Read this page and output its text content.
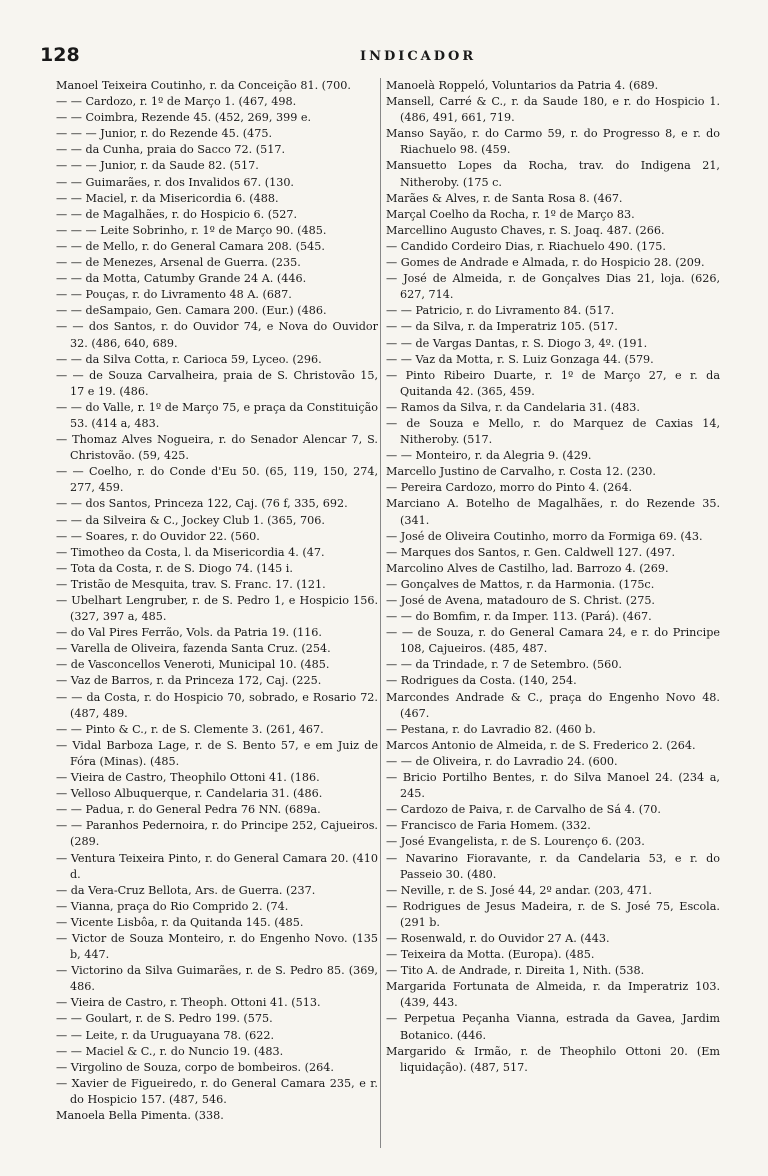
128	INDICADOR

Manoel Teixeira Coutinho, r. da Conceição 81. (700.

— — Cardozo, r. 1º de Março 1. (467, 498.

— — Coimbra, Rezende 45. (452, 269, 399 e.

— — — Junior, r. do Rezende 45. (475.

— — da Cunha, praia do Sacco 72. (517.

— — — Junior, r. da Saude 82. (517.

— — Guimarães, r. dos Invalidos 67. (130.

— — Maciel, r. da Misericordia 6. (488.

— — de Magalhães, r. do Hospicio 6. (527.

— — — Leite Sobrinho, r. 1º de Março 90. (485.

— — de Mello, r. do General Camara 208. (545.

— — de Menezes, Arsenal de Guerra. (235.

— — da Motta, Catumby Grande 24 A. (446.

— — Pouças, r. do Livramento 48 A. (687.

— — deSampaio, Gen. Camara 200. (Eur.) (486.

— — dos Santos, r. do Ouvidor 74, e Nova do Ouvidor 32. (486, 640, 689.

— — da Silva Cotta, r. Carioca 59, Lyceo. (296.

— — de Souza Carvalheira, praia de S. Christovão 15, 17 e 19. (486.

— — do Valle, r. 1º de Março 75, e praça da Constituição 53. (414 a, 483.

— Thomaz Alves Nogueira, r. do Senador Alencar 7, S. Christovão. (59, 425.

— — Coelho, r. do Conde d'Eu 50. (65, 119, 150, 274, 277, 459.

— — dos Santos, Princeza 122, Caj. (76 f, 335, 692.

— — da Silveira & C., Jockey Club 1. (365, 706.

— — Soares, r. do Ouvidor 22. (560.

— Timotheo da Costa, l. da Misericordia 4. (47.

— Tota da Costa, r. de S. Diogo 74. (145 i.

— Tristão de Mesquita, trav. S. Franc. 17. (121.

— Ubelhart Lengruber, r. de S. Pedro 1, e Hospicio 156. (327, 397 a, 485.

— do Val Pires Ferrão, Vols. da Patria 19. (116.

— Varella de Oliveira, fazenda Santa Cruz. (254.

— de Vasconcellos Veneroti, Municipal 10. (485.

— Vaz de Barros, r. da Princeza 172, Caj. (225.

— — da Costa, r. do Hospicio 70, sobrado, e Rosario 72. (487, 489.

— — Pinto & C., r. de S. Clemente 3. (261, 467.

— Vidal Barboza Lage, r. de S. Bento 57, e em Juiz de Fóra (Minas). (485.

— Vieira de Castro, Theophilo Ottoni 41. (186.

— Velloso Albuquerque, r. Candelaria 31. (486.

— — Padua, r. do General Pedra 76 NN. (689a.

— — Paranhos Pedernoira, r. do Principe 252, Cajueiros. (289.

— Ventura Teixeira Pinto, r. do General Camara 20. (410 d.

— da Vera-Cruz Bellota, Ars. de Guerra. (237.

— Vianna, praça do Rio Comprido 2. (74.

— Vicente Lisbôa, r. da Quitanda 145. (485.

— Victor de Souza Monteiro, r. do Engenho Novo. (135 b, 447.

— Victorino da Silva Guimarães, r. de S. Pedro 85. (369, 486.

— Vieira de Castro, r. Theoph. Ottoni 41. (513.

— — Goulart, r. de S. Pedro 199. (575.

— — Leite, r. da Uruguayana 78. (622.

— — Maciel & C., r. do Nuncio 19. (483.

— Virgolino de Souza, corpo de bombeiros. (264.

— Xavier de Figueiredo, r. do General Camara 235, e r. do Hospicio 157. (487, 546.

Manoela Bella Pimenta. (338.

Manoelà Roppeló, Voluntarios da Patria 4. (689.

Mansell, Carré & C., r. da Saude 180, e r. do Hospicio 1. (486, 491, 661, 719.

Manso Sayão, r. do Carmo 59, r. do Progresso 8, e r. do Riachuelo 98. (459.

Mansuetto Lopes da Rocha, trav. do Indigena 21, Nitheroby. (175 c.

Marães & Alves, r. de Santa Rosa 8. (467.

Marçal Coelho da Rocha, r. 1º de Março 83.

Marcellino Augusto Chaves, r. S. Joaq. 487. (266.

— Candido Cordeiro Dias, r. Riachuelo 490. (175.

— Gomes de Andrade e Almada, r. do Hospicio 28. (209.

— José de Almeida, r. de Gonçalves Dias 21, loja. (626, 627, 714.

— — Patricio, r. do Livramento 84. (517.

— — da Silva, r. da Imperatriz 105. (517.

— — de Vargas Dantas, r. S. Diogo 3, 4º. (191.

— — Vaz da Motta, r. S. Luiz Gonzaga 44. (579.

— Pinto Ribeiro Duarte, r. 1º de Março 27, e r. da Quitanda 42. (365, 459.

— Ramos da Silva, r. da Candelaria 31. (483.

— de Souza e Mello, r. do Marquez de Caxias 14, Nitheroby. (517.

— — Monteiro, r. da Alegria 9. (429.

Marcello Justino de Carvalho, r. Costa 12. (230.

— Pereira Cardozo, morro do Pinto 4. (264.

Marciano A. Botelho de Magalhães, r. do Rezende 35. (341.

— José de Oliveira Coutinho, morro da Formiga 69. (43.

— Marques dos Santos, r. Gen. Caldwell 127. (497.

Marcolino Alves de Castilho, lad. Barrozo 4. (269.

— Gonçalves de Mattos, r. da Harmonia. (175c.

— José de Avena, matadouro de S. Christ. (275.

— — do Bomfim, r. da Imper. 113. (Pará). (467.

— — de Souza, r. do General Camara 24, e r. do Principe 108, Cajueiros. (485, 487.

— — da Trindade, r. 7 de Setembro. (560.

— Rodrigues da Costa. (140, 254.

Marcondes Andrade & C., praça do Engenho Novo 48. (467.

— Pestana, r. do Lavradio 82. (460 b.

Marcos Antonio de Almeida, r. de S. Frederico 2. (264.

— — de Oliveira, r. do Lavradio 24. (600.

— Bricio Portilho Bentes, r. do Silva Manoel 24. (234 a, 245.

— Cardozo de Paiva, r. de Carvalho de Sá 4. (70.

— Francisco de Faria Homem. (332.

— José Evangelista, r. de S. Lourenço 6. (203.

— Navarino Fioravante, r. da Candelaria 53, e r. do Passeio 30. (480.

— Neville, r. de S. José 44, 2º andar. (203, 471.

— Rodrigues de Jesus Madeira, r. de S. José 75, Escola. (291 b.

— Rosenwald, r. do Ouvidor 27 A. (443.

— Teixeira da Motta. (Europa). (485.

— Tito A. de Andrade, r. Direita 1, Nith. (538.

Margarida Fortunata de Almeida, r. da Imperatriz 103. (439, 443.

— Perpetua Peçanha Vianna, estrada da Gavea, Jardim Botanico. (446.

Margarido & Irmão, r. de Theophilo Ottoni 20. (Em liquidação). (487, 517.
